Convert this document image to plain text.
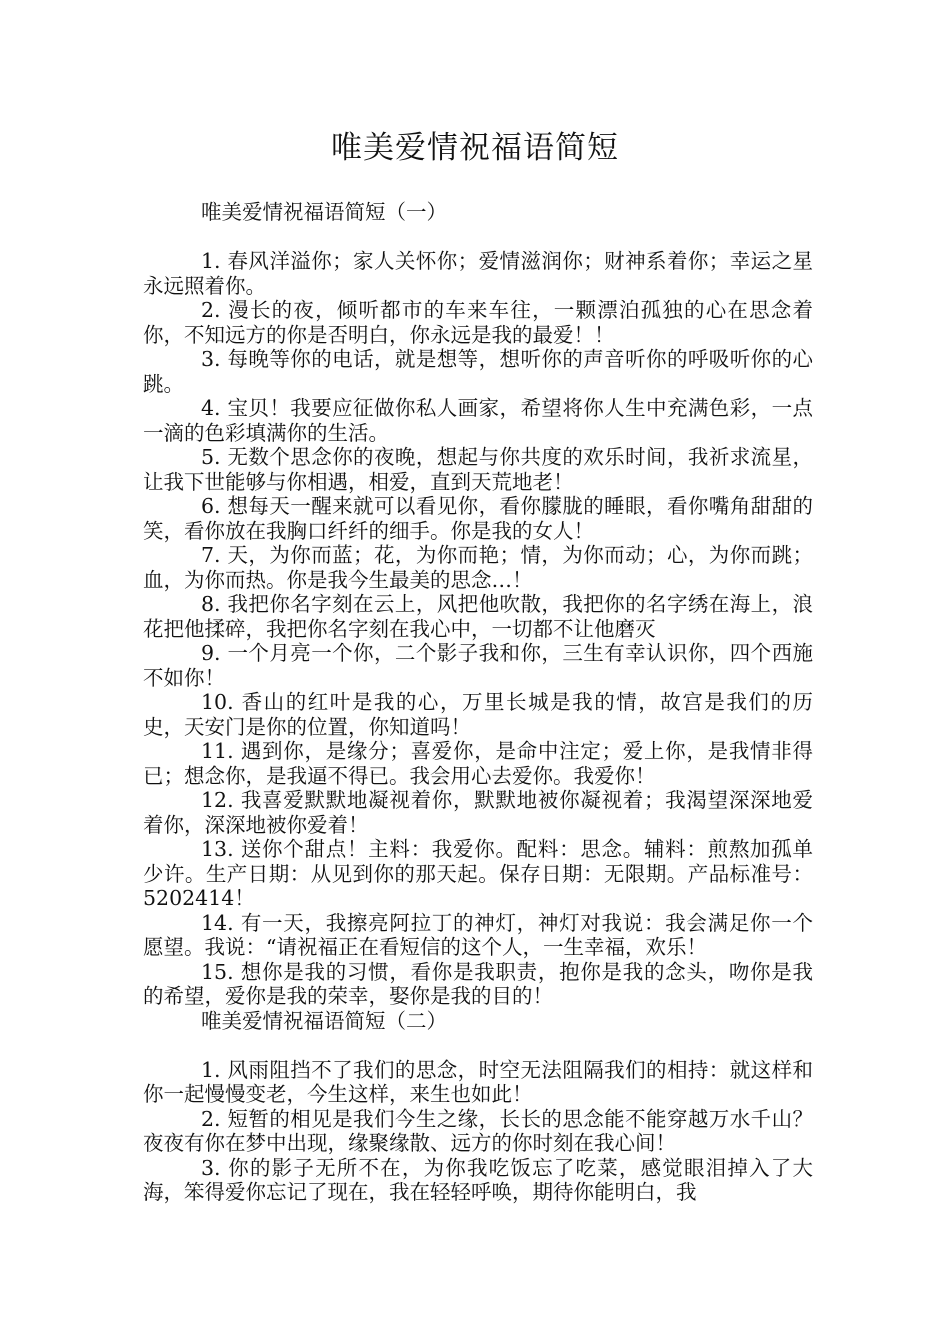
唯美爱情祝福语简短

唯美爱情祝福语简短（一）

1. 春风洋溢你；家人关怀你；爱情滋润你；财神系着你；幸运之星永远照着你。

2. 漫长的夜，倾听都市的车来车往，一颗漂泊孤独的心在思念着你，不知远方的你是否明白，你永远是我的最爱！！

3. 每晚等你的电话，就是想等，想听你的声音听你的呼吸听你的心跳。

4. 宝贝！我要应征做你私人画家，希望将你人生中充满色彩，一点一滴的色彩填满你的生活。

5. 无数个思念你的夜晚，想起与你共度的欢乐时间，我祈求流星，让我下世能够与你相遇，相爱，直到天荒地老！

6. 想每天一醒来就可以看见你，看你朦胧的睡眼，看你嘴角甜甜的笑，看你放在我胸口纤纤的细手。你是我的女人！

7. 天，为你而蓝；花，为你而艳；情，为你而动；心，为你而跳；血，为你而热。你是我今生最美的思念…！

8. 我把你名字刻在云上，风把他吹散，我把你的名字绣在海上，浪花把他揉碎，我把你名字刻在我心中，一切都不让他磨灭

9. 一个月亮一个你，二个影子我和你，三生有幸认识你，四个西施不如你！

10. 香山的红叶是我的心，万里长城是我的情，故宫是我们的历史，天安门是你的位置，你知道吗！

11. 遇到你，是缘分；喜爱你，是命中注定；爱上你，是我情非得已；想念你，是我逼不得已。我会用心去爱你。我爱你！

12. 我喜爱默默地凝视着你，默默地被你凝视着；我渴望深深地爱着你，深深地被你爱着！

13. 送你个甜点！主料：我爱你。配料：思念。辅料：煎熬加孤单少许。生产日期：从见到你的那天起。保存日期：无限期。产品标准号：5202414！

14. 有一天，我擦亮阿拉丁的神灯，神灯对我说：我会满足你一个愿望。我说：“请祝福正在看短信的这个人，一生幸福，欢乐！

15. 想你是我的习惯，看你是我职责，抱你是我的念头，吻你是我的希望，爱你是我的荣幸，娶你是我的目的！

唯美爱情祝福语简短（二）

1. 风雨阻挡不了我们的思念，时空无法阻隔我们的相持：就这样和你一起慢慢变老，今生这样，来生也如此！

2. 短暂的相见是我们今生之缘，长长的思念能不能穿越万水千山？夜夜有你在梦中出现，缘聚缘散、远方的你时刻在我心间！

3. 你的影子无所不在，为你我吃饭忘了吃菜，感觉眼泪掉入了大海，笨得爱你忘记了现在，我在轻轻呼唤，期待你能明白，我
